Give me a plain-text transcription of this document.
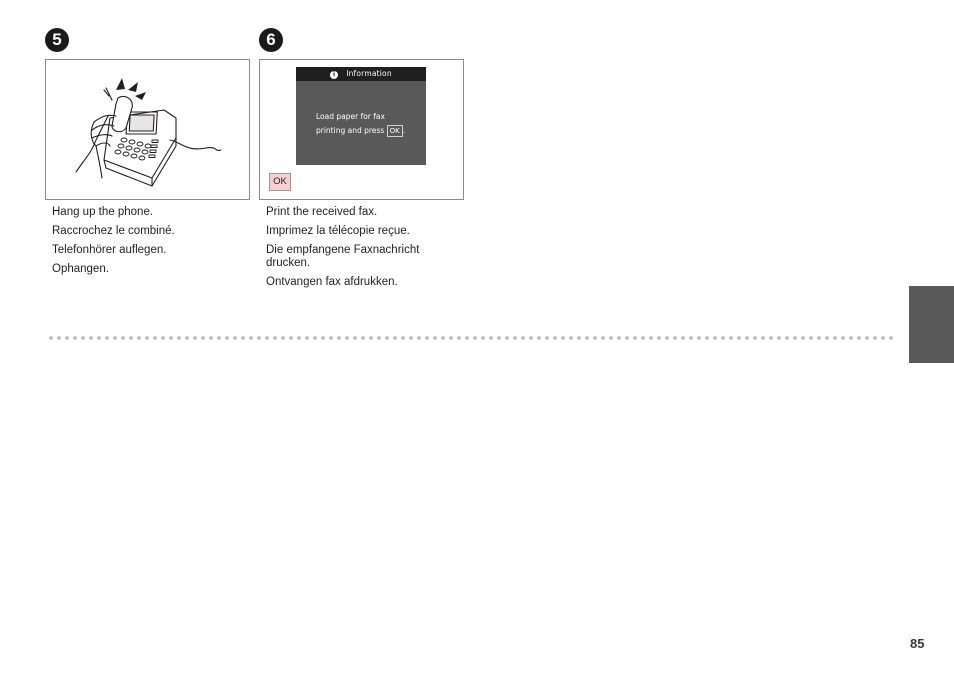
5

Hang up the phone.

Raccrochez le combiné.

Telefonhörer auflegen.

Ophangen.

6
i Information
Load paper for fax
printing and press OK .
OK

Print the received fax.

Imprimez la télécopie reçue.

Die empfangene Faxnachricht drucken.

Ontvangen fax afdrukken.

85
